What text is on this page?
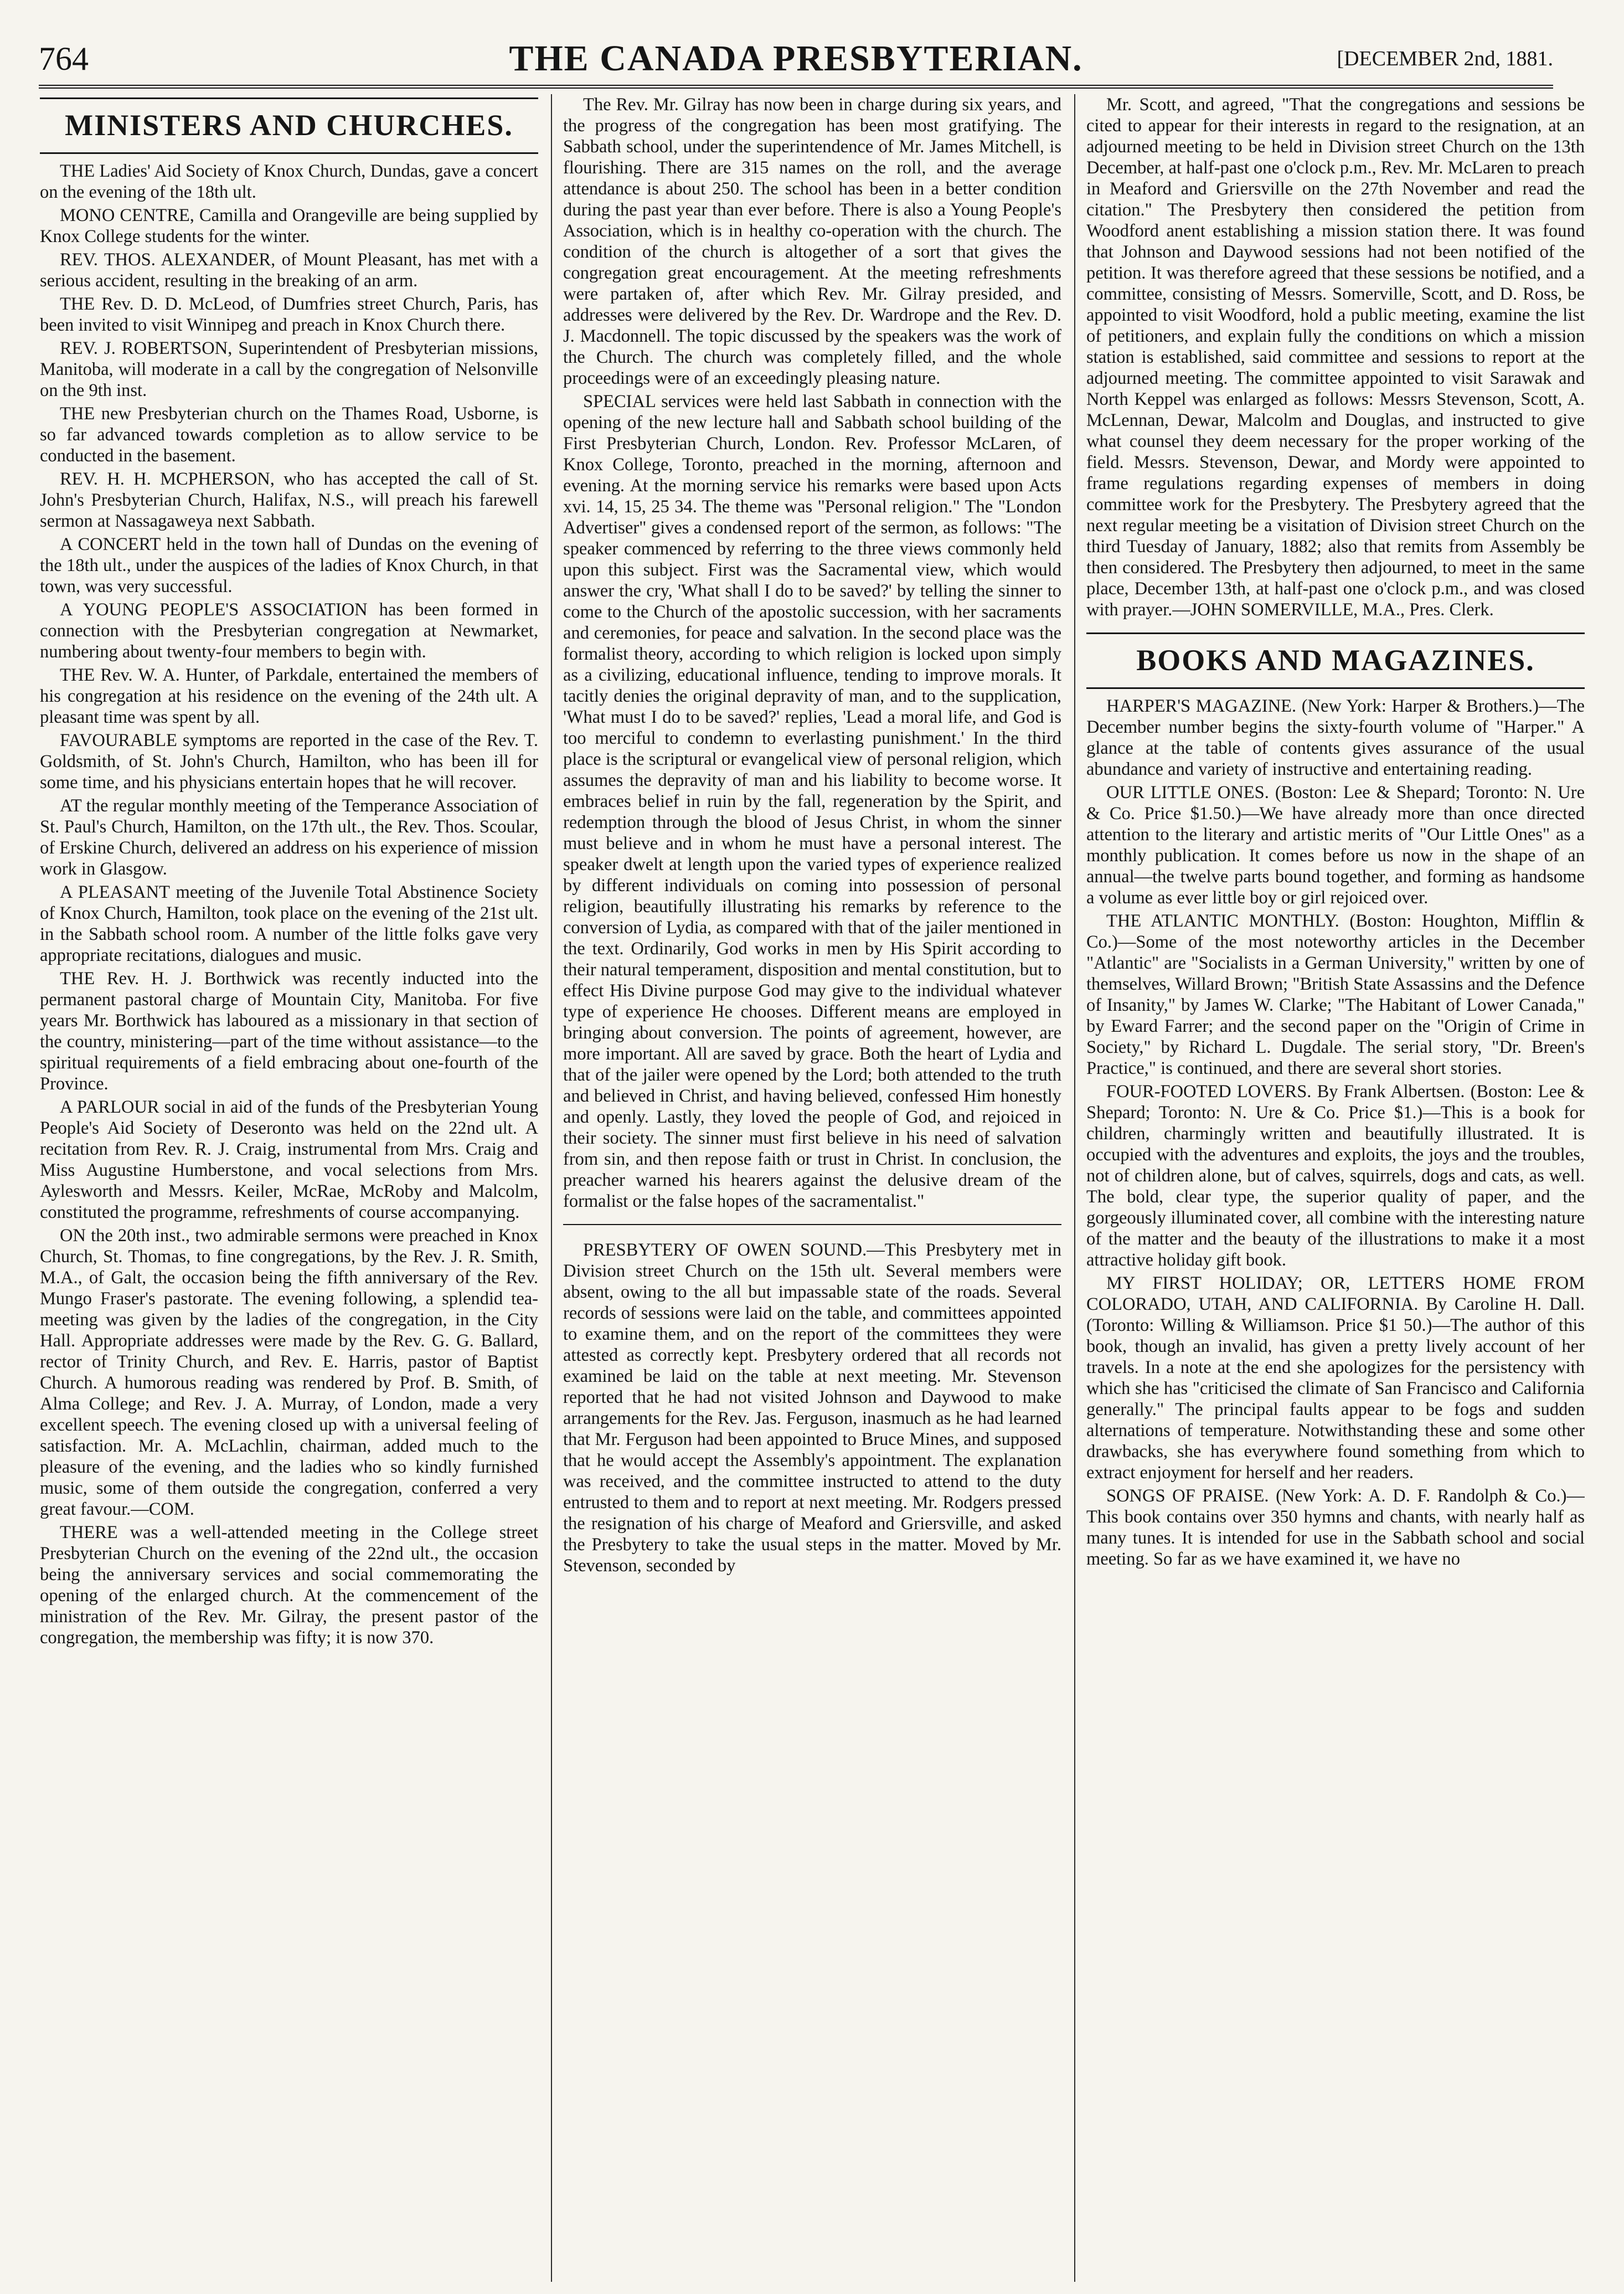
764	THE CANADA PRESBYTERIAN.	[DECEMBER 2nd, 1881.
MINISTERS AND CHURCHES.

THE Ladies' Aid Society of Knox Church, Dundas, gave a concert on the evening of the 18th ult.

MONO CENTRE, Camilla and Orangeville are being supplied by Knox College students for the winter.

REV. THOS. ALEXANDER, of Mount Pleasant, has met with a serious accident, resulting in the breaking of an arm.

THE Rev. D. D. McLeod, of Dumfries street Church, Paris, has been invited to visit Winnipeg and preach in Knox Church there.

REV. J. ROBERTSON, Superintendent of Presbyterian missions, Manitoba, will moderate in a call by the congregation of Nelsonville on the 9th inst.

THE new Presbyterian church on the Thames Road, Usborne, is so far advanced towards completion as to allow service to be conducted in the basement.

REV. H. H. MCPHERSON, who has accepted the call of St. John's Presbyterian Church, Halifax, N.S., will preach his farewell sermon at Nassagaweya next Sabbath.

A CONCERT held in the town hall of Dundas on the evening of the 18th ult., under the auspices of the ladies of Knox Church, in that town, was very successful.

A YOUNG PEOPLE'S ASSOCIATION has been formed in connection with the Presbyterian congregation at Newmarket, numbering about twenty-four members to begin with.

THE Rev. W. A. Hunter, of Parkdale, entertained the members of his congregation at his residence on the evening of the 24th ult. A pleasant time was spent by all.

FAVOURABLE symptoms are reported in the case of the Rev. T. Goldsmith, of St. John's Church, Hamilton, who has been ill for some time, and his physicians entertain hopes that he will recover.

AT the regular monthly meeting of the Temperance Association of St. Paul's Church, Hamilton, on the 17th ult., the Rev. Thos. Scoular, of Erskine Church, delivered an address on his experience of mission work in Glasgow.

A PLEASANT meeting of the Juvenile Total Abstinence Society of Knox Church, Hamilton, took place on the evening of the 21st ult. in the Sabbath school room. A number of the little folks gave very appropriate recitations, dialogues and music.

THE Rev. H. J. Borthwick was recently inducted into the permanent pastoral charge of Mountain City, Manitoba. For five years Mr. Borthwick has laboured as a missionary in that section of the country, ministering—part of the time without assistance—to the spiritual requirements of a field embracing about one-fourth of the Province.

A PARLOUR social in aid of the funds of the Presbyterian Young People's Aid Society of Deseronto was held on the 22nd ult. A recitation from Rev. R. J. Craig, instrumental from Mrs. Craig and Miss Augustine Humberstone, and vocal selections from Mrs. Aylesworth and Messrs. Keiler, McRae, McRoby and Malcolm, constituted the programme, refreshments of course accompanying.

ON the 20th inst., two admirable sermons were preached in Knox Church, St. Thomas, to fine congregations, by the Rev. J. R. Smith, M.A., of Galt, the occasion being the fifth anniversary of the Rev. Mungo Fraser's pastorate. The evening following, a splendid tea-meeting was given by the ladies of the congregation, in the City Hall. Appropriate addresses were made by the Rev. G. G. Ballard, rector of Trinity Church, and Rev. E. Harris, pastor of Baptist Church. A humorous reading was rendered by Prof. B. Smith, of Alma College; and Rev. J. A. Murray, of London, made a very excellent speech. The evening closed up with a universal feeling of satisfaction. Mr. A. McLachlin, chairman, added much to the pleasure of the evening, and the ladies who so kindly furnished music, some of them outside the congregation, conferred a very great favour.—COM.

THERE was a well-attended meeting in the College street Presbyterian Church on the evening of the 22nd ult., the occasion being the anniversary services and social commemorating the opening of the enlarged church. At the commencement of the ministration of the Rev. Mr. Gilray, the present pastor of the congregation, the membership was fifty; it is now 370.

The Rev. Mr. Gilray has now been in charge during six years, and the progress of the congregation has been most gratifying. The Sabbath school, under the superintendence of Mr. James Mitchell, is flourishing. There are 315 names on the roll, and the average attendance is about 250. The school has been in a better condition during the past year than ever before. There is also a Young People's Association, which is in healthy co-operation with the church. The condition of the church is altogether of a sort that gives the congregation great encouragement. At the meeting refreshments were partaken of, after which Rev. Mr. Gilray presided, and addresses were delivered by the Rev. Dr. Wardrope and the Rev. D. J. Macdonnell. The topic discussed by the speakers was the work of the Church. The church was completely filled, and the whole proceedings were of an exceedingly pleasing nature.

SPECIAL services were held last Sabbath in connection with the opening of the new lecture hall and Sabbath school building of the First Presbyterian Church, London. Rev. Professor McLaren, of Knox College, Toronto, preached in the morning, afternoon and evening. At the morning service his remarks were based upon Acts xvi. 14, 15, 25 34. The theme was "Personal religion." The "London Advertiser" gives a condensed report of the sermon, as follows: "The speaker commenced by referring to the three views commonly held upon this subject. First was the Sacramental view, which would answer the cry, 'What shall I do to be saved?' by telling the sinner to come to the Church of the apostolic succession, with her sacraments and ceremonies, for peace and salvation. In the second place was the formalist theory, according to which religion is locked upon simply as a civilizing, educational influence, tending to improve morals. It tacitly denies the original depravity of man, and to the supplication, 'What must I do to be saved?' replies, 'Lead a moral life, and God is too merciful to condemn to everlasting punishment.' In the third place is the scriptural or evangelical view of personal religion, which assumes the depravity of man and his liability to become worse. It embraces belief in ruin by the fall, regeneration by the Spirit, and redemption through the blood of Jesus Christ, in whom the sinner must believe and in whom he must have a personal interest. The speaker dwelt at length upon the varied types of experience realized by different individuals on coming into possession of personal religion, beautifully illustrating his remarks by reference to the conversion of Lydia, as compared with that of the jailer mentioned in the text. Ordinarily, God works in men by His Spirit according to their natural temperament, disposition and mental constitution, but to effect His Divine purpose God may give to the individual whatever type of experience He chooses. Different means are employed in bringing about conversion. The points of agreement, however, are more important. All are saved by grace. Both the heart of Lydia and that of the jailer were opened by the Lord; both attended to the truth and believed in Christ, and having believed, confessed Him honestly and openly. Lastly, they loved the people of God, and rejoiced in their society. The sinner must first believe in his need of salvation from sin, and then repose faith or trust in Christ. In conclusion, the preacher warned his hearers against the delusive dream of the formalist or the false hopes of the sacramentalist."

PRESBYTERY OF OWEN SOUND.—This Presbytery met in Division street Church on the 15th ult. Several members were absent, owing to the all but impassable state of the roads. Several records of sessions were laid on the table, and committees appointed to examine them, and on the report of the committees they were attested as correctly kept. Presbytery ordered that all records not examined be laid on the table at next meeting. Mr. Stevenson reported that he had not visited Johnson and Daywood to make arrangements for the Rev. Jas. Ferguson, inasmuch as he had learned that Mr. Ferguson had been appointed to Bruce Mines, and supposed that he would accept the Assembly's appointment. The explanation was received, and the committee instructed to attend to the duty entrusted to them and to report at next meeting. Mr. Rodgers pressed the resignation of his charge of Meaford and Griersville, and asked the Presbytery to take the usual steps in the matter. Moved by Mr. Stevenson, seconded by

Mr. Scott, and agreed, "That the congregations and sessions be cited to appear for their interests in regard to the resignation, at an adjourned meeting to be held in Division street Church on the 13th December, at half-past one o'clock p.m., Rev. Mr. McLaren to preach in Meaford and Griersville on the 27th November and read the citation." The Presbytery then considered the petition from Woodford anent establishing a mission station there. It was found that Johnson and Daywood sessions had not been notified of the petition. It was therefore agreed that these sessions be notified, and a committee, consisting of Messrs. Somerville, Scott, and D. Ross, be appointed to visit Woodford, hold a public meeting, examine the list of petitioners, and explain fully the conditions on which a mission station is established, said committee and sessions to report at the adjourned meeting. The committee appointed to visit Sarawak and North Keppel was enlarged as follows: Messrs Stevenson, Scott, A. McLennan, Dewar, Malcolm and Douglas, and instructed to give what counsel they deem necessary for the proper working of the field. Messrs. Stevenson, Dewar, and Mordy were appointed to frame regulations regarding expenses of members in doing committee work for the Presbytery. The Presbytery agreed that the next regular meeting be a visitation of Division street Church on the third Tuesday of January, 1882; also that remits from Assembly be then considered. The Presbytery then adjourned, to meet in the same place, December 13th, at half-past one o'clock p.m., and was closed with prayer.—JOHN SOMERVILLE, M.A., Pres. Clerk.

BOOKS AND MAGAZINES.

HARPER'S MAGAZINE. (New York: Harper & Brothers.)—The December number begins the sixty-fourth volume of "Harper." A glance at the table of contents gives assurance of the usual abundance and variety of instructive and entertaining reading.

OUR LITTLE ONES. (Boston: Lee & Shepard; Toronto: N. Ure & Co. Price $1.50.)—We have already more than once directed attention to the literary and artistic merits of "Our Little Ones" as a monthly publication. It comes before us now in the shape of an annual—the twelve parts bound together, and forming as handsome a volume as ever little boy or girl rejoiced over.

THE ATLANTIC MONTHLY. (Boston: Houghton, Mifflin & Co.)—Some of the most noteworthy articles in the December "Atlantic" are "Socialists in a German University," written by one of themselves, Willard Brown; "British State Assassins and the Defence of Insanity," by James W. Clarke; "The Habitant of Lower Canada," by Eward Farrer; and the second paper on the "Origin of Crime in Society," by Richard L. Dugdale. The serial story, "Dr. Breen's Practice," is continued, and there are several short stories.

FOUR-FOOTED LOVERS. By Frank Albertsen. (Boston: Lee & Shepard; Toronto: N. Ure & Co. Price $1.)—This is a book for children, charmingly written and beautifully illustrated. It is occupied with the adventures and exploits, the joys and the troubles, not of children alone, but of calves, squirrels, dogs and cats, as well. The bold, clear type, the superior quality of paper, and the gorgeously illuminated cover, all combine with the interesting nature of the matter and the beauty of the illustrations to make it a most attractive holiday gift book.

MY FIRST HOLIDAY; OR, LETTERS HOME FROM COLORADO, UTAH, AND CALIFORNIA. By Caroline H. Dall. (Toronto: Willing & Williamson. Price $1 50.)—The author of this book, though an invalid, has given a pretty lively account of her travels. In a note at the end she apologizes for the persistency with which she has "criticised the climate of San Francisco and California generally." The principal faults appear to be fogs and sudden alternations of temperature. Notwithstanding these and some other drawbacks, she has everywhere found something from which to extract enjoyment for herself and her readers.

SONGS OF PRAISE. (New York: A. D. F. Randolph & Co.)—This book contains over 350 hymns and chants, with nearly half as many tunes. It is intended for use in the Sabbath school and social meeting. So far as we have examined it, we have no
